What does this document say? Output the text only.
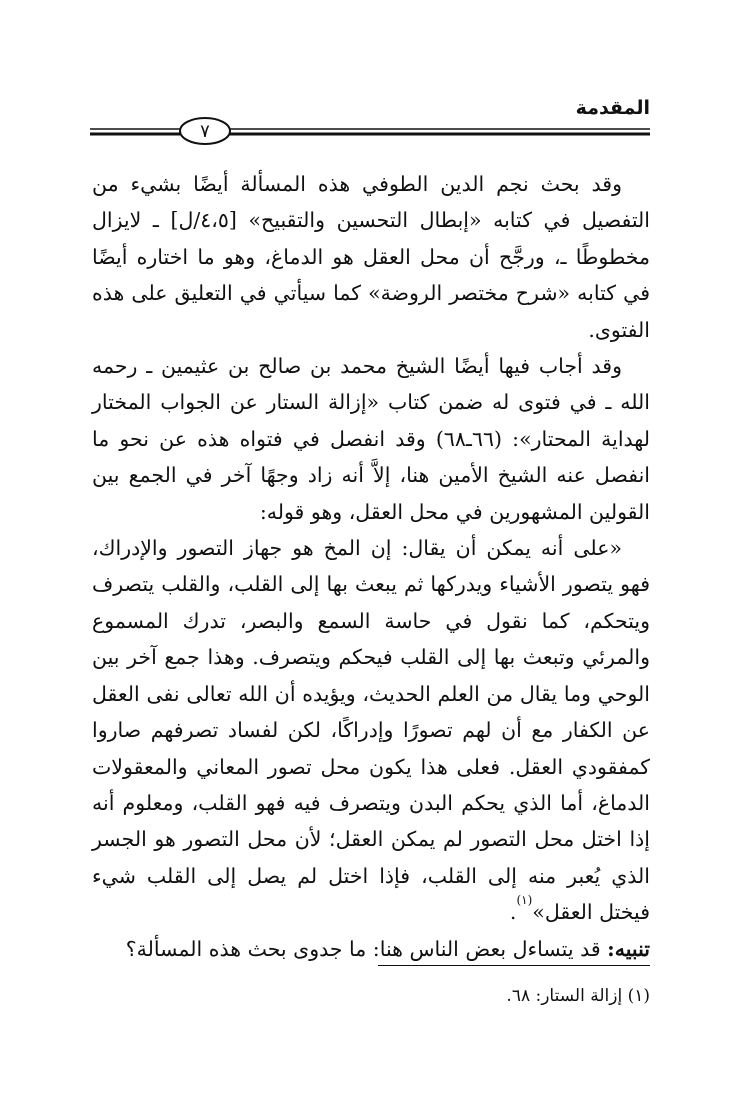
المقدمة
٧

وقد بحث نجم الدين الطوفي هذه المسألة أيضًا بشيء من التفصيل في كتابه «إبطال التحسين والتقبيح» [٤،٥/ل] ـ لايزال مخطوطًا ـ، ورجَّح أن محل العقل هو الدماغ، وهو ما اختاره أيضًا في كتابه «شرح مختصر الروضة» كما سيأتي في التعليق على هذه الفتوى.

وقد أجاب فيها أيضًا الشيخ محمد بن صالح بن عثيمين ـ رحمه الله ـ في فتوى له ضمن كتاب «إزالة الستار عن الجواب المختار لهداية المحتار»: (٦٦ـ٦٨) وقد انفصل في فتواه هذه عن نحو ما انفصل عنه الشيخ الأمين هنا، إلاَّ أنه زاد وجهًا آخر في الجمع بين القولين المشهورين في محل العقل، وهو قوله:

«على أنه يمكن أن يقال: إن المخ هو جهاز التصور والإدراك، فهو يتصور الأشياء ويدركها ثم يبعث بها إلى القلب، والقلب يتصرف ويتحكم، كما نقول في حاسة السمع والبصر، تدرك المسموع والمرئي وتبعث بها إلى القلب فيحكم ويتصرف. وهذا جمع آخر بين الوحي وما يقال من العلم الحديث، ويؤيده أن الله تعالى نفى العقل عن الكفار مع أن لهم تصورًا وإدراكًا، لكن لفساد تصرفهم صاروا كمفقودي العقل. فعلى هذا يكون محل تصور المعاني والمعقولات الدماغ، أما الذي يحكم البدن ويتصرف فيه فهو القلب، ومعلوم أنه إذا اختل محل التصور لم يمكن العقل؛ لأن محل التصور هو الجسر الذي يُعبر منه إلى القلب، فإذا اختل لم يصل إلى القلب شيء فيختل العقل»$^{(١)}$.

تنبيه: قد يتساءل بعض الناس هنا: ما جدوى بحث هذه المسألة؟

(١) إزالة الستار: ٦٨.
